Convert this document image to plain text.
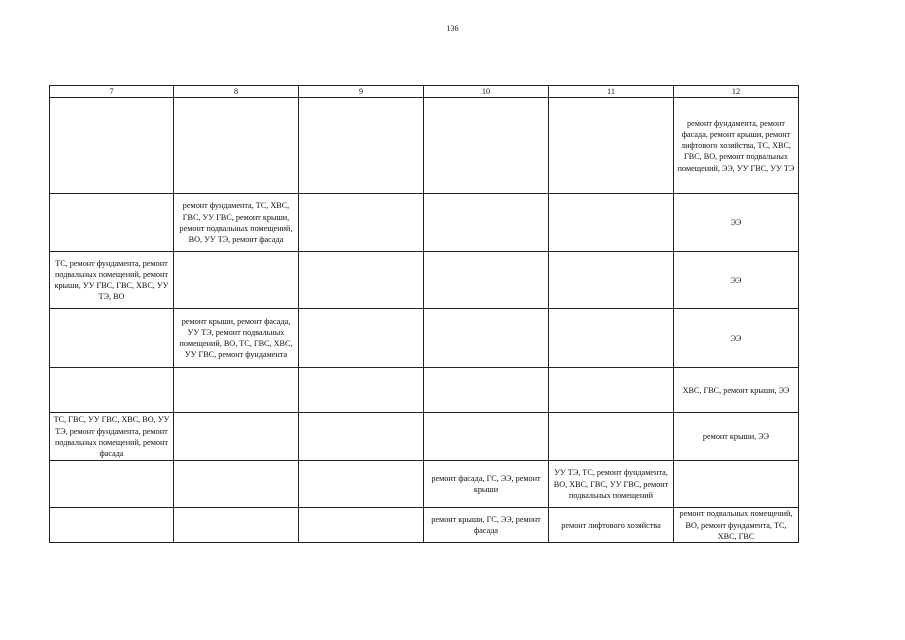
136
7	8	9	10	11	12
					ремонт фундамента, ремонт фасада, ремонт крыши, ремонт лифтового хозяйства, ТС, ХВС, ГВС, ВО, ремонт подвальных помещений, ЭЭ, УУ ГВС, УУ ТЭ
	ремонт фундамента, ТС, ХВС, ГВС, УУ ГВС, ремонт крыши, ремонт подвальных помещений, ВО, УУ ТЭ, ремонт фасада				ЭЭ
ТС, ремонт фундамента, ремонт подвальных помещений, ремонт крыши, УУ ГВС, ГВС, ХВС, УУ ТЭ, ВО					ЭЭ
	ремонт крыши, ремонт фасада, УУ ТЭ, ремонт подвальных помещений, ВО, ТС, ГВС, ХВС, УУ ГВС, ремонт фундамента				ЭЭ
					ХВС, ГВС, ремонт крыши, ЭЭ
ТС, ГВС, УУ ГВС, ХВС, ВО, УУ ТЭ, ремонт фундамента, ремонт подвальных помещений, ремонт фасада					ремонт крыши, ЭЭ
			ремонт фасада, ГС, ЭЭ, ремонт крыши	УУ ТЭ, ТС, ремонт фундамента, ВО, ХВС, ГВС, УУ ГВС, ремонт подвальных помещений	
			ремонт крыши, ГС, ЭЭ, ремонт фасада	ремонт лифтового хозяйства	ремонт подвальных помещений, ВО, ремонт фундамента, ТС, ХВС, ГВС
